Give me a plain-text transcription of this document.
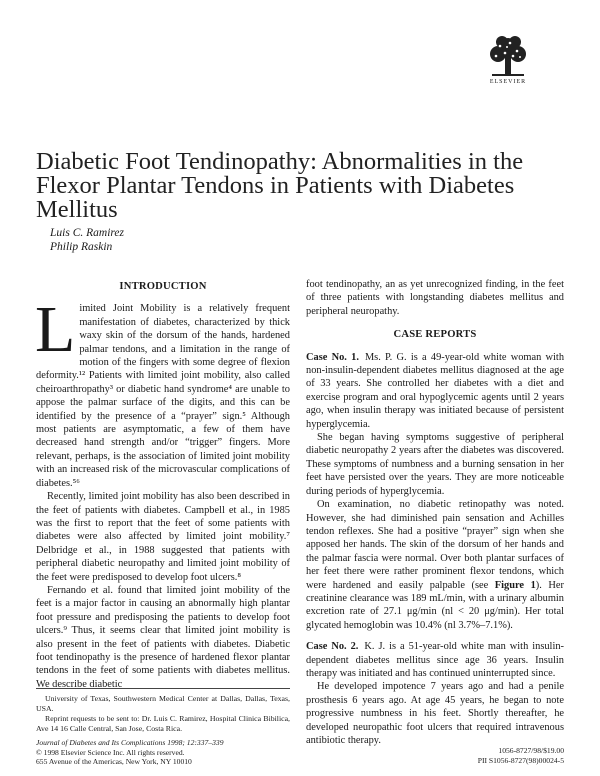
ELSEVIER
Diabetic Foot Tendinopathy: Abnormalities in the Flexor Plantar Tendons in Patients with Diabetes Mellitus
Luis C. Ramirez
Philip Raskin
INTRODUCTION

Limited Joint Mobility is a relatively frequent manifestation of diabetes, characterized by thick waxy skin of the dorsum of the hands, hardened palmar tendons, and a limitation in the range of motion of the fingers with some degree of flexion deformity.¹² Patients with limited joint mobility, also called cheiroarthropathy³ or diabetic hand syndrome⁴ are unable to appose the palmar surface of the digits, and this can be identified by the presence of a “prayer” sign.⁵ Although most patients are asymptomatic, a few of them have decreased hand strength and/or “trigger” fingers. More relevant, perhaps, is the association of limited joint mobility with an increased risk of the microvascular complications of diabetes.⁵⁶

Recently, limited joint mobility has also been described in the feet of patients with diabetes. Campbell et al., in 1985 was the first to report that the feet of some patients with diabetes were also affected by limited joint mobility.⁷ Delbridge et al., in 1988 suggested that patients with peripheral diabetic neuropathy and limited joint mobility of the feet were predisposed to develop foot ulcers.⁸

Fernando et al. found that limited joint mobility of the feet is a major factor in causing an abnormally high plantar foot pressure and predisposing the patients to develop foot ulcers.⁹ Thus, it seems clear that limited joint mobility is also present in the feet of patients with diabetes. Diabetic foot tendinopathy is the presence of hardened flexor plantar tendons in the feet of some patients with diabetes mellitus. We describe diabetic

foot tendinopathy, an as yet unrecognized finding, in the feet of three patients with longstanding diabetes mellitus and peripheral neuropathy.

CASE REPORTS

Case No. 1. Ms. P. G. is a 49-year-old white woman with non-insulin-dependent diabetes mellitus diagnosed at the age of 33 years. She controlled her diabetes with a diet and exercise program and oral hypoglycemic agents until 2 years ago, when insulin therapy was initiated because of persistent hyperglycemia.

She began having symptoms suggestive of peripheral diabetic neuropathy 2 years after the diabetes was discovered. These symptoms of numbness and a burning sensation in her feet have persisted over the years. They are more noticeable during periods of hyperglycemia.

On examination, no diabetic retinopathy was noted. However, she had diminished pain sensation and Achilles tendon reflexes. She had a positive “prayer” sign when she apposed her hands. The skin of the dorsum of her hands and the palmar fascia were normal. Over both plantar surfaces of her feet there were rather prominent flexor tendons, which were hardened and easily palpable (see Figure 1). Her creatinine clearance was 189 mL/min, with a urinary albumin excretion rate of 27.1 μg/min (nl < 20 μg/min). Her total glycated hemoglobin was 10.4% (nl 3.7%–7.1%).

Case No. 2. K. J. is a 51-year-old white man with insulin-dependent diabetes mellitus since age 36 years. Insulin therapy was initiated and has continued uninterrupted since.

He developed impotence 7 years ago and had a penile prosthesis 6 years ago. At age 45 years, he began to note progressive numbness in his feet. Shortly thereafter, he developed neuropathic foot ulcers that required intravenous antibiotic therapy.

University of Texas, Southwestern Medical Center at Dallas, Dallas, Texas, USA.

Reprint requests to be sent to: Dr. Luis C. Ramirez, Hospital Clinica Bibilica, Ave 14 16 Calle Central, San Jose, Costa Rica.

Journal of Diabetes and Its Complications 1998; 12:337–339
© 1998 Elsevier Science Inc. All rights reserved.
655 Avenue of the Americas, New York, NY 10010
1056-8727/98/$19.00
PII S1056-8727(98)00024-5
